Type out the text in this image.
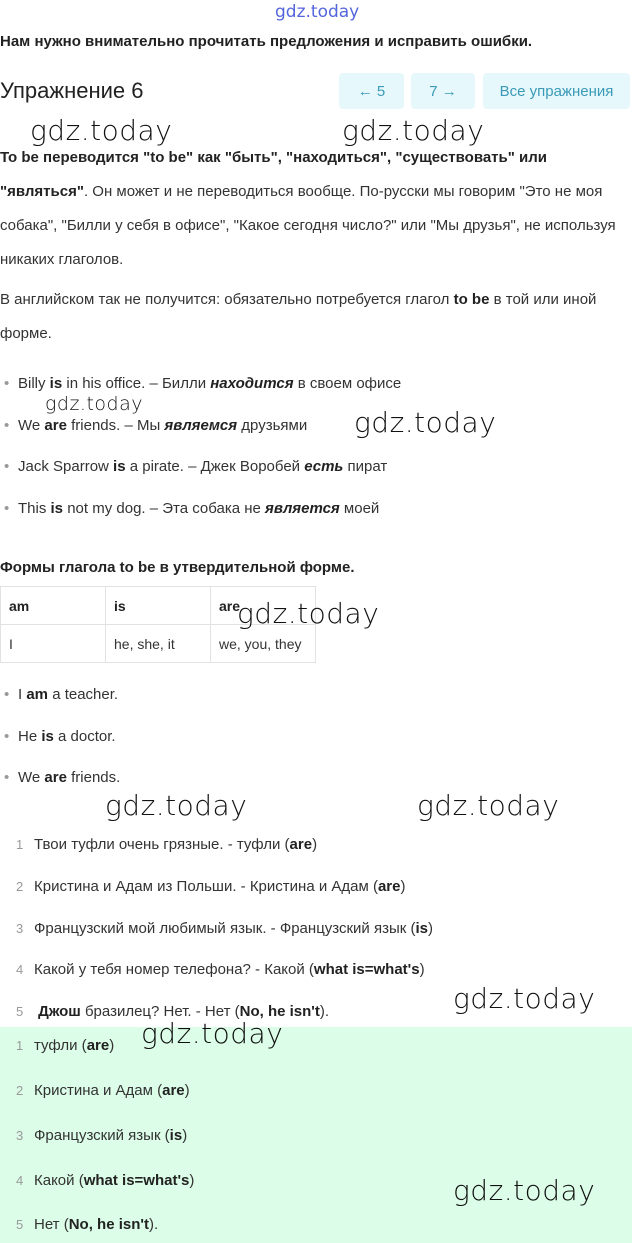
gdz.today
Нам нужно внимательно прочитать предложения и исправить ошибки.
Упражнение 6	← 5	7 →	Все упражнения
To be переводится "to be" как "быть", "находиться", "существовать" или "являться". Он может и не переводиться вообще. По-русски мы говорим "Это не моя собака", "Билли у себя в офисе", "Какое сегодня число?" или "Мы друзья", не используя никаких глаголов.
В английском так не получится: обязательно потребуется глагол to be в той или иной форме.
• Billy is in his office. – Билли находится в своем офисе
• We are friends. – Мы являемся друзьями
• Jack Sparrow is a pirate. – Джек Воробей есть пират
• This is not my dog. – Эта собака не является моей
Формы глагола to be в утвердительной форме.
am	is	are
I	he, she, it	we, you, they
• I am a teacher.
• He is a doctor.
• We are friends.
1 Твои туфли очень грязные. - туфли (are)
2 Кристина и Адам из Польши. - Кристина и Адам (are)
3 Французский мой любимый язык. - Французский язык (is)
4 Какой у тебя номер телефона? - Какой (what is=what's)
5 Джош бразилец? Нет. - Нет (No, he isn't).
1 туфли (are)
2 Кристина и Адам (are)
3 Французский язык (is)
4 Какой (what is=what's)
5 Нет (No, he isn't).
gdz.today	gdz.today
gdz.today
gdz.today
gdz.today
gdz.today	gdz.today
gdz.today
gdz.today
gdz.today
